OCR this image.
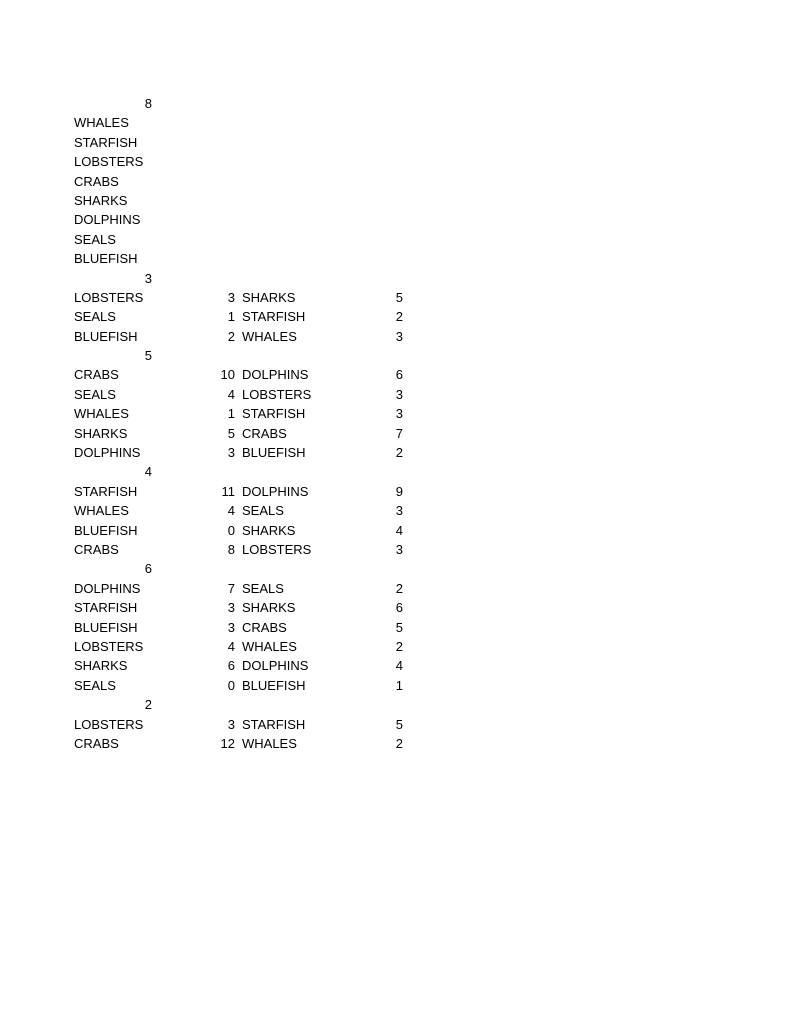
8
WHALES
STARFISH
LOBSTERS
CRABS
SHARKS
DOLPHINS
SEALS
BLUEFISH
3
LOBSTERS	3 SHARKS	5
SEALS	1 STARFISH	2
BLUEFISH	2 WHALES	3
5
CRABS	10 DOLPHINS	6
SEALS	4 LOBSTERS	3
WHALES	1 STARFISH	3
SHARKS	5 CRABS	7
DOLPHINS	3 BLUEFISH	2
4
STARFISH	11 DOLPHINS	9
WHALES	4 SEALS	3
BLUEFISH	0 SHARKS	4
CRABS	8 LOBSTERS	3
6
DOLPHINS	7 SEALS	2
STARFISH	3 SHARKS	6
BLUEFISH	3 CRABS	5
LOBSTERS	4 WHALES	2
SHARKS	6 DOLPHINS	4
SEALS	0 BLUEFISH	1
2
LOBSTERS	3 STARFISH	5
CRABS	12 WHALES	2
